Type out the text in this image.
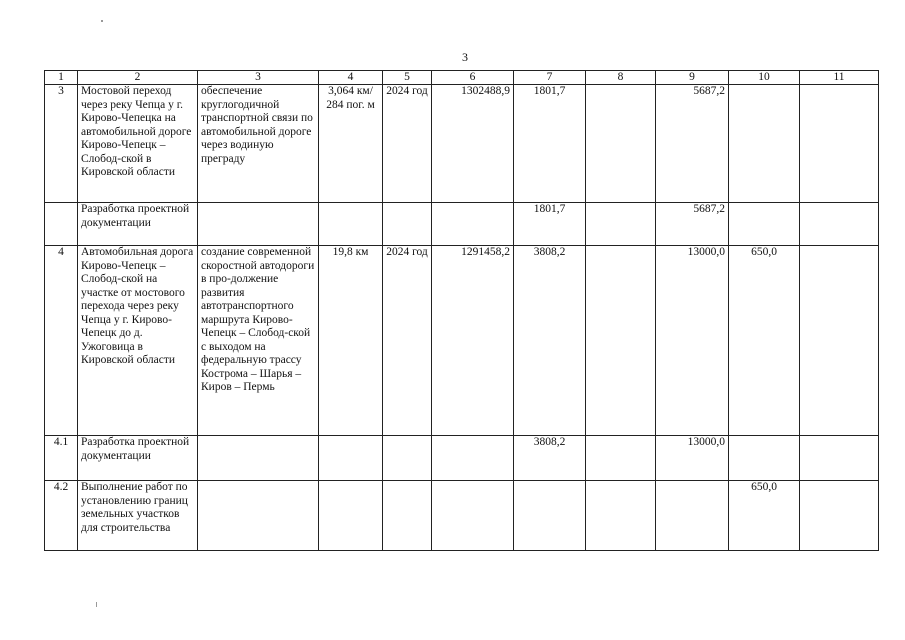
3
1	2	3	4	5	6	7	8	9	10	11
3	Мостовой переход через реку Чепца у г. Кирово-Чепецка на автомобильной дороге Кирово-Чепецк – Слобод-ской в Кировской области	обеспечение круглогодичной транспортной связи по автомобильной дороге через водиную преграду	3,064 км/ 284 пог. м	2024 год	1302488,9	1801,7		5687,2		
	Разработка проектной документации					1801,7		5687,2		
4	Автомобильная дорога Кирово-Чепецк – Слобод-ской на участке от мостового перехода через реку Чепца у г. Кирово-Чепецк до д. Ужоговица в Кировской области	создание современной скоростной автодороги в про-должение развития автотранспортного маршрута Кирово-Чепецк – Слобод-ской с выходом на федеральную трассу Кострома – Шарья – Киров – Пермь	19,8 км	2024 год	1291458,2	3808,2		13000,0	650,0	
4.1	Разработка проектной документации					3808,2		13000,0		
4.2	Выполнение работ по установлению границ земельных участков для строительства								650,0	
